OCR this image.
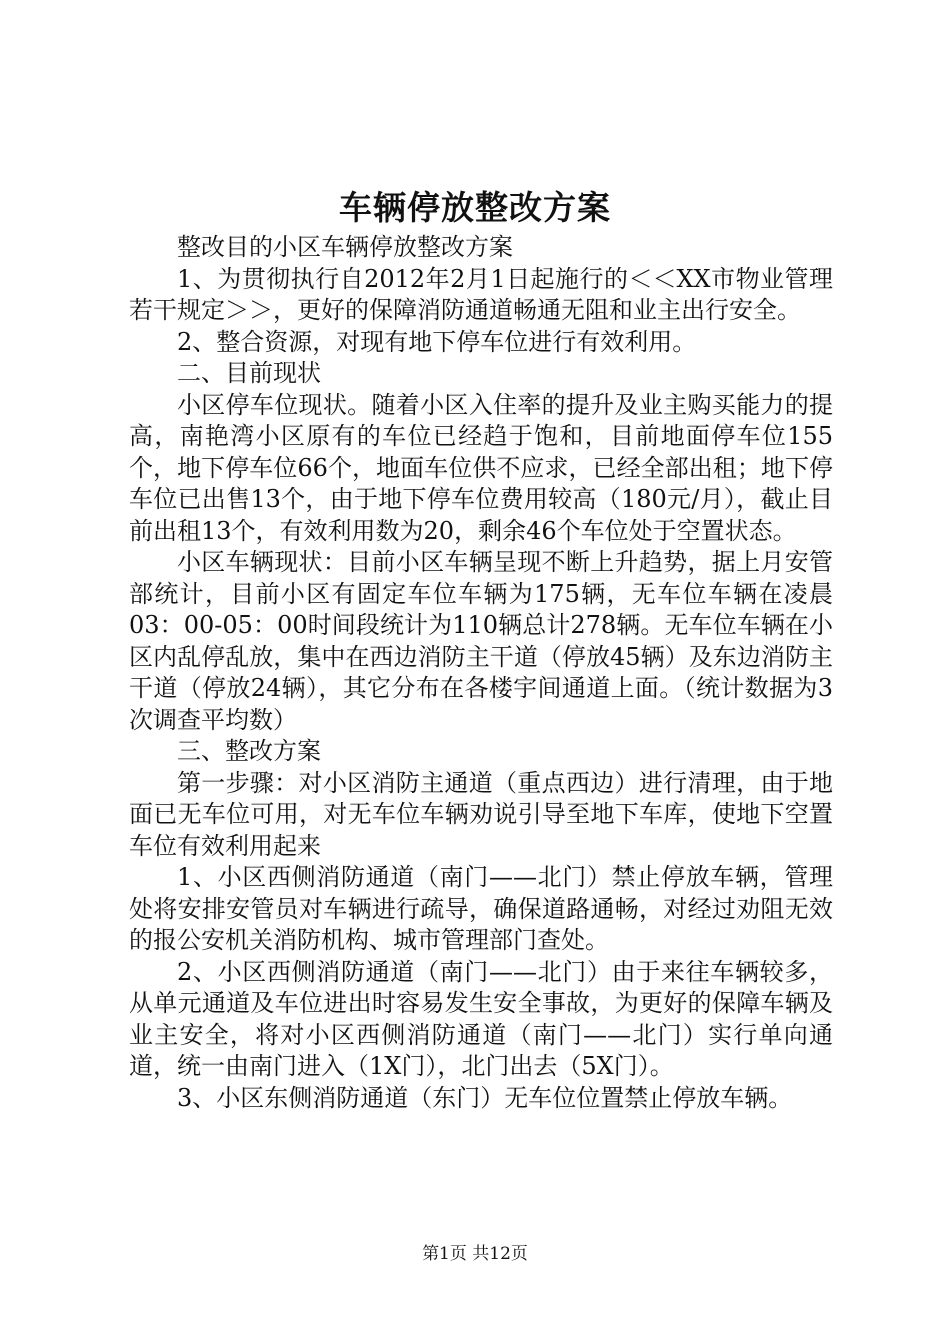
车辆停放整改方案

整改目的小区车辆停放整改方案

1、为贯彻执行自2012年2月1日起施行的＜＜XX市物业管理若干规定＞＞，更好的保障消防通道畅通无阻和业主出行安全。

2、整合资源，对现有地下停车位进行有效利用。

二、目前现状

小区停车位现状。随着小区入住率的提升及业主购买能力的提高，南艳湾小区原有的车位已经趋于饱和，目前地面停车位155个，地下停车位66个，地面车位供不应求，已经全部出租；地下停车位已出售13个，由于地下停车位费用较高（180元/月），截止目前出租13个，有效利用数为20，剩余46个车位处于空置状态。

小区车辆现状：目前小区车辆呈现不断上升趋势，据上月安管部统计，目前小区有固定车位车辆为175辆，无车位车辆在凌晨03：00-05：00时间段统计为110辆总计278辆。无车位车辆在小区内乱停乱放，集中在西边消防主干道（停放45辆）及东边消防主干道（停放24辆），其它分布在各楼宇间通道上面。（统计数据为3次调查平均数）

三、整改方案

第一步骤：对小区消防主通道（重点西边）进行清理，由于地面已无车位可用，对无车位车辆劝说引导至地下车库，使地下空置车位有效利用起来

1、小区西侧消防通道（南门——北门）禁止停放车辆，管理处将安排安管员对车辆进行疏导，确保道路通畅，对经过劝阻无效的报公安机关消防机构、城市管理部门查处。

2、小区西侧消防通道（南门——北门）由于来往车辆较多，从单元通道及车位进出时容易发生安全事故，为更好的保障车辆及业主安全，将对小区西侧消防通道（南门——北门）实行单向通道，统一由南门进入（1X门），北门出去（5X门）。

3、小区东侧消防通道（东门）无车位位置禁止停放车辆。

第1页 共12页
